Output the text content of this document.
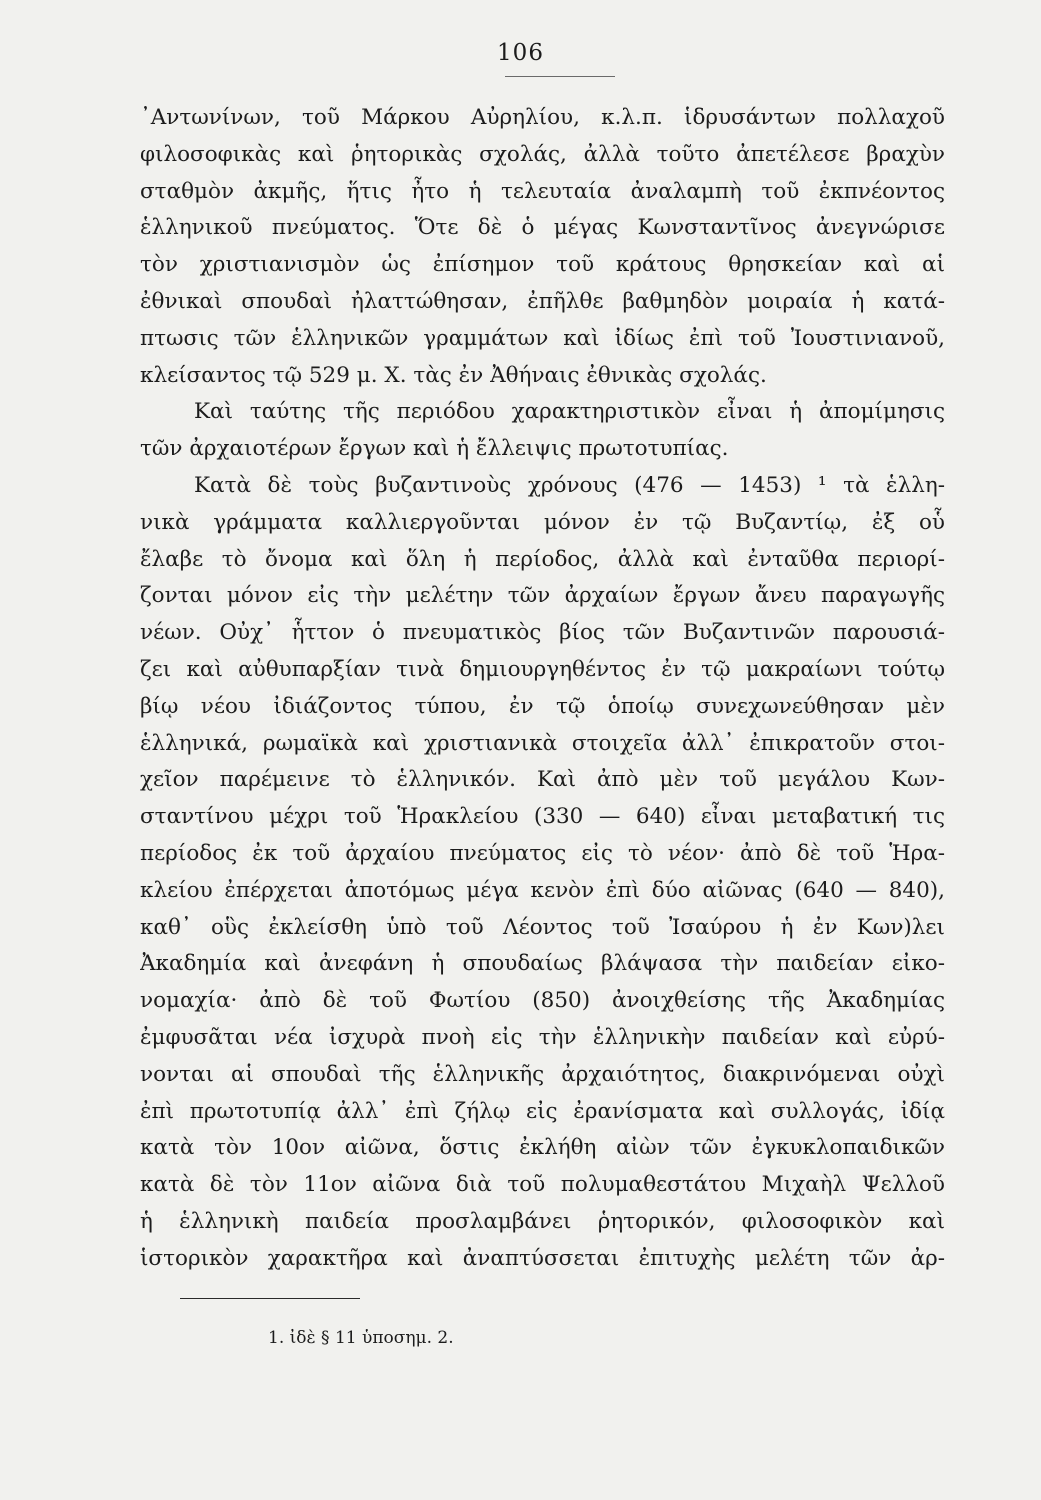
106
᾿Αντωνίνων, τοῦ Μάρκου Αὐρηλίου, κ.λ.π. ἱδρυσάντων πολλαχοῦ
φιλοσοφικὰς καὶ ῥητορικὰς σχολάς, ἀλλὰ τοῦτο ἀπετέλεσε βραχὺν
σταθμὸν ἀκμῆς, ἥτις ἦτο ἡ τελευταία ἀναλαμπὴ τοῦ ἐκπνέοντος
ἑλληνικοῦ πνεύματος. Ὅτε δὲ ὁ μέγας Κωνσταντῖνος ἀνεγνώρισε
τὸν χριστιανισμὸν ὡς ἐπίσημον τοῦ κράτους θρησκείαν καὶ αἱ
ἐθνικαὶ σπουδαὶ ἠλαττώθησαν, ἐπῆλθε βαθμηδὸν μοιραία ἡ κατά-
πτωσις τῶν ἑλληνικῶν γραμμάτων καὶ ἰδίως ἐπὶ τοῦ Ἰουστινιανοῦ,
κλείσαντος τῷ 529 μ. Χ. τὰς ἐν Ἀθήναις ἐθνικὰς σχολάς.
Καὶ ταύτης τῆς περιόδου χαρακτηριστικὸν εἶναι ἡ ἀπομίμησις
τῶν ἀρχαιοτέρων ἔργων καὶ ἡ ἔλλειψις πρωτοτυπίας.
Κατὰ δὲ τοὺς βυζαντινοὺς χρόνους (476 — 1453) ¹ τὰ ἑλλη-
νικὰ γράμματα καλλιεργοῦνται μόνον ἐν τῷ Βυζαντίῳ, ἐξ οὗ
ἔλαβε τὸ ὄνομα καὶ ὅλη ἡ περίοδος, ἀλλὰ καὶ ἐνταῦθα περιορί-
ζονται μόνον εἰς τὴν μελέτην τῶν ἀρχαίων ἔργων ἄνευ παραγωγῆς
νέων. Οὐχ᾿ ἧττον ὁ πνευματικὸς βίος τῶν Βυζαντινῶν παρουσιά-
ζει καὶ αὐθυπαρξίαν τινὰ δημιουργηθέντος ἐν τῷ μακραίωνι τούτῳ
βίῳ νέου ἰδιάζοντος τύπου, ἐν τῷ ὁποίῳ συνεχωνεύθησαν μὲν
ἑλληνικά, ρωμαϊκὰ καὶ χριστιανικὰ στοιχεῖα ἀλλ᾿ ἐπικρατοῦν στοι-
χεῖον παρέμεινε τὸ ἑλληνικόν. Καὶ ἀπὸ μὲν τοῦ μεγάλου Κων-
σταντίνου μέχρι τοῦ Ἡρακλείου (330 — 640) εἶναι μεταβατική τις
περίοδος ἐκ τοῦ ἀρχαίου πνεύματος εἰς τὸ νέον· ἀπὸ δὲ τοῦ Ἡρα-
κλείου ἐπέρχεται ἀποτόμως μέγα κενὸν ἐπὶ δύο αἰῶνας (640 — 840),
καθ᾿ οὓς ἐκλείσθη ὑπὸ τοῦ Λέοντος τοῦ Ἰσαύρου ἡ ἐν Κων)λει
Ἀκαδημία καὶ ἀνεφάνη ἡ σπουδαίως βλάψασα τὴν παιδείαν εἰκο-
νομαχία· ἀπὸ δὲ τοῦ Φωτίου (850) ἀνοιχθείσης τῆς Ἀκαδημίας
ἐμφυσᾶται νέα ἰσχυρὰ πνοὴ εἰς τὴν ἑλληνικὴν παιδείαν καὶ εὐρύ-
νονται αἱ σπουδαὶ τῆς ἑλληνικῆς ἀρχαιότητος, διακρινόμεναι οὐχὶ
ἐπὶ πρωτοτυπίᾳ ἀλλ᾿ ἐπὶ ζήλῳ εἰς ἐρανίσματα καὶ συλλογάς, ἰδίᾳ
κατὰ τὸν 10ον αἰῶνα, ὅστις ἐκλήθη αἰὼν τῶν ἐγκυκλοπαιδικῶν
κατὰ δὲ τὸν 11ον αἰῶνα διὰ τοῦ πολυμαθεστάτου Μιχαὴλ Ψελλοῦ
ἡ ἑλληνικὴ παιδεία προσλαμβάνει ῥητορικόν, φιλοσοφικὸν καὶ
ἱστορικὸν χαρακτῆρα καὶ ἀναπτύσσεται ἐπιτυχὴς μελέτη τῶν ἀρ-
1. ἰδὲ § 11 ὑποσημ. 2.
